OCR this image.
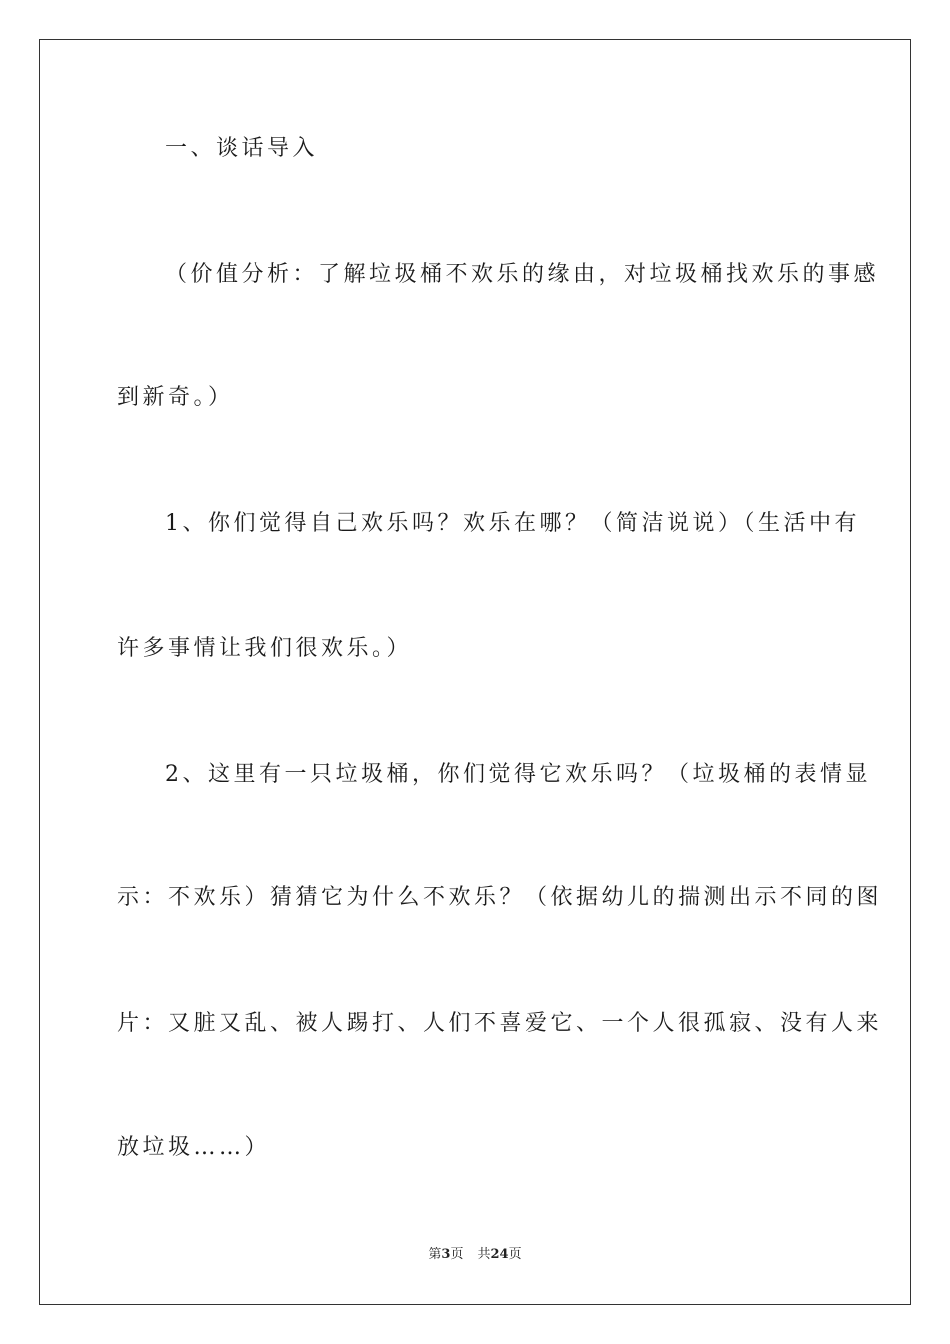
一、谈话导入
（价值分析：了解垃圾桶不欢乐的缘由，对垃圾桶找欢乐的事感
到新奇。）
1、你们觉得自己欢乐吗？欢乐在哪？（简洁说说）（生活中有
许多事情让我们很欢乐。）
2、这里有一只垃圾桶，你们觉得它欢乐吗？（垃圾桶的表情显
示：不欢乐）猜猜它为什么不欢乐？（依据幼儿的揣测出示不同的图
片：又脏又乱、被人踢打、人们不喜爱它、一个人很孤寂、没有人来
放垃圾……）
第3页 共24页
